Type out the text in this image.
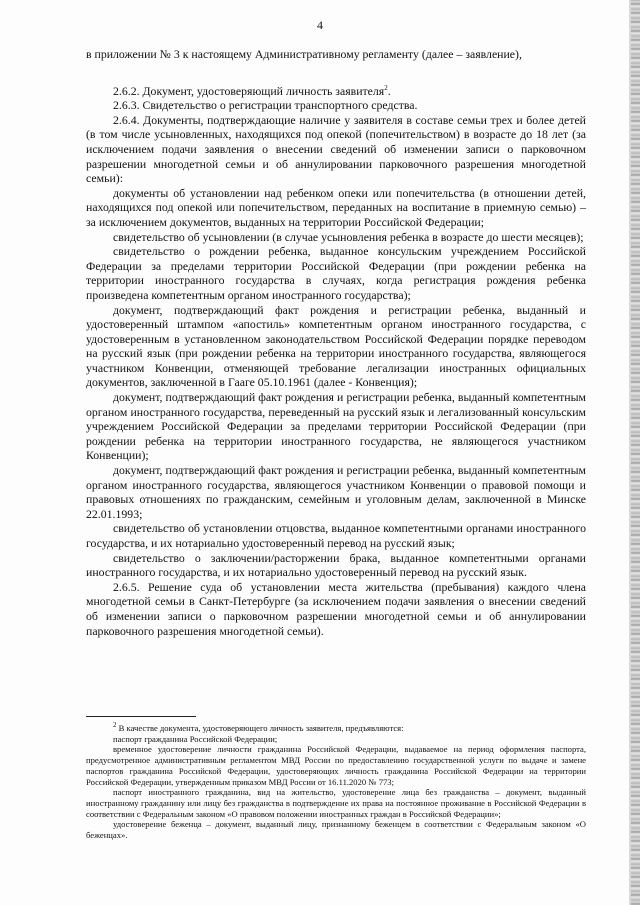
4

в приложении № 3 к настоящему Административному регламенту (далее – заявление),

2.6.2. Документ, удостоверяющий личность заявителя$^2$.

2.6.3. Свидетельство о регистрации транспортного средства.

2.6.4. Документы, подтверждающие наличие у заявителя в составе семьи трех и более детей (в том числе усыновленных, находящихся под опекой (попечительством) в возрасте до 18 лет (за исключением подачи заявления о внесении сведений об изменении записи о парковочном разрешении многодетной семьи и об аннулировании парковочного разрешения многодетной семьи):

документы об установлении над ребенком опеки или попечительства (в отношении детей, находящихся под опекой или попечительством, переданных на воспитание в приемную семью) – за исключением документов, выданных на территории Российской Федерации;

свидетельство об усыновлении (в случае усыновления ребенка в возрасте до шести месяцев);

свидетельство о рождении ребенка, выданное консульским учреждением Российской Федерации за пределами территории Российской Федерации (при рождении ребенка на территории иностранного государства в случаях, когда регистрация рождения ребенка произведена компетентным органом иностранного государства);

документ, подтверждающий факт рождения и регистрации ребенка, выданный и удостоверенный штампом «апостиль» компетентным органом иностранного государства, с удостоверенным в установленном законодательством Российской Федерации порядке переводом на русский язык (при рождении ребенка на территории иностранного государства, являющегося участником Конвенции, отменяющей требование легализации иностранных официальных документов, заключенной в Гааге 05.10.1961 (далее - Конвенция);

документ, подтверждающий факт рождения и регистрации ребенка, выданный компетентным органом иностранного государства, переведенный на русский язык и легализованный консульским учреждением Российской Федерации за пределами территории Российской Федерации (при рождении ребенка на территории иностранного государства, не являющегося участником Конвенции);

документ, подтверждающий факт рождения и регистрации ребенка, выданный компетентным органом иностранного государства, являющегося участником Конвенции о правовой помощи и правовых отношениях по гражданским, семейным и уголовным делам, заключенной в Минске 22.01.1993;

свидетельство об установлении отцовства, выданное компетентными органами иностранного государства, и их нотариально удостоверенный перевод на русский язык;

свидетельство о заключении/расторжении брака, выданное компетентными органами иностранного государства, и их нотариально удостоверенный перевод на русский язык.

2.6.5. Решение суда об установлении места жительства (пребывания) каждого члена многодетной семьи в Санкт-Петербурге (за исключением подачи заявления о внесении сведений об изменении записи о парковочном разрешении многодетной семьи и об аннулировании парковочного разрешения многодетной семьи).

$^2$ В качестве документа, удостоверяющего личность заявителя, предъявляются:

паспорт гражданина Российской Федерации;

временное удостоверение личности гражданина Российской Федерации, выдаваемое на период оформления паспорта, предусмотренное административным регламентом МВД России по предоставлению государственной услуги по выдаче и замене паспортов гражданина Российской Федерации, удостоверяющих личность гражданина Российской Федерации на территории Российской Федерации, утвержденным приказом МВД России от 16.11.2020 № 773;

паспорт иностранного гражданина, вид на жительство, удостоверение лица без гражданства – документ, выданный иностранному гражданину или лицу без гражданства в подтверждение их права на постоянное проживание в Российской Федерации в соответствии с Федеральным законом «О правовом положении иностранных граждан в Российской Федерации»;

удостоверение беженца – документ, выданный лицу, признанному беженцем в соответствии с Федеральным законом «О беженцах».
